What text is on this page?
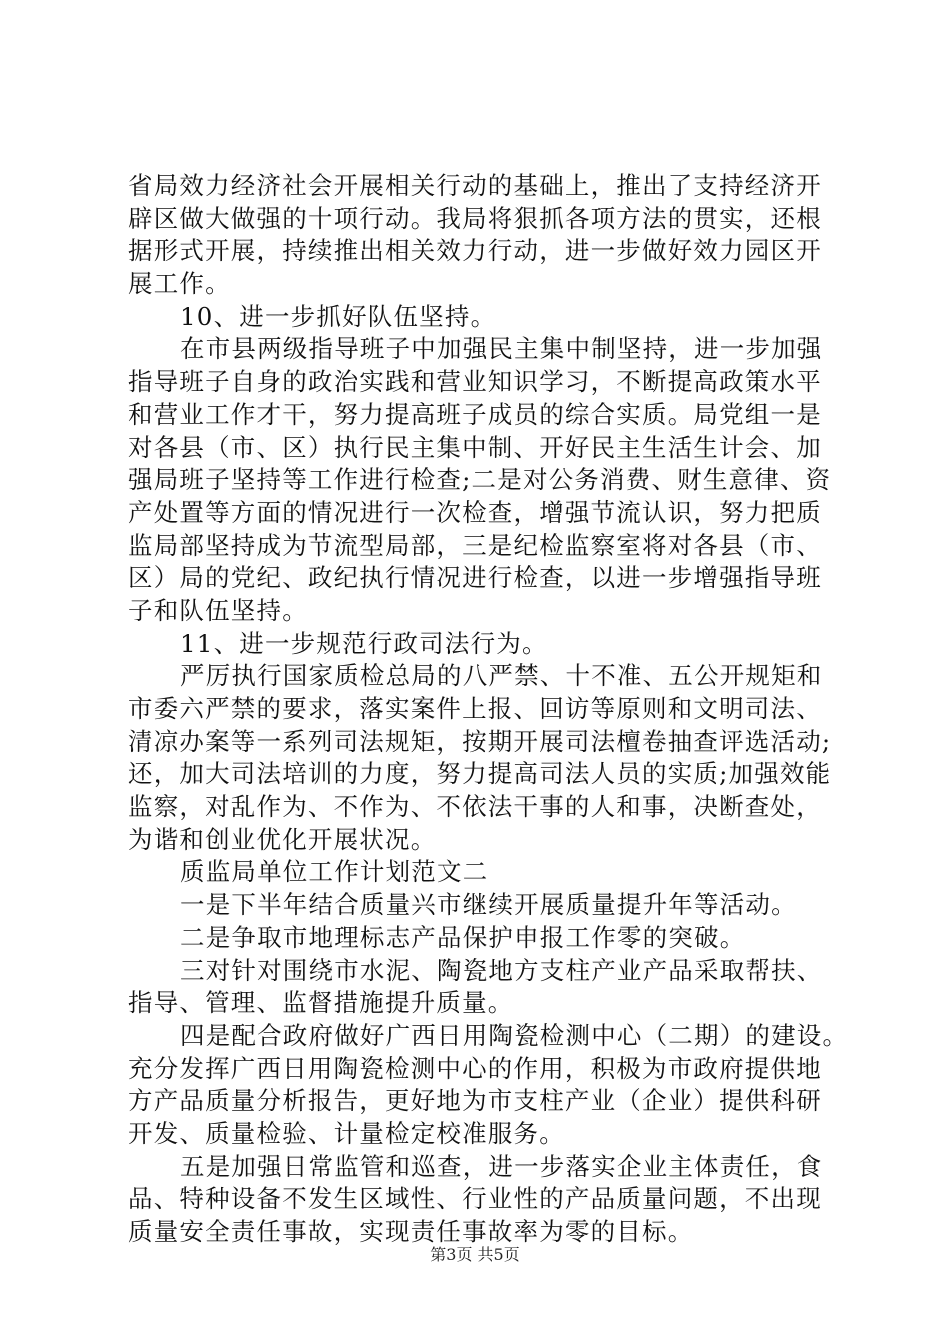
省局效力经济社会开展相关行动的基础上，推出了支持经济开
辟区做大做强的十项行动。我局将狠抓各项方法的贯实，还根
据形式开展，持续推出相关效力行动，进一步做好效力园区开
展工作。
10、进一步抓好队伍坚持。
在市县两级指导班子中加强民主集中制坚持，进一步加强
指导班子自身的政治实践和营业知识学习，不断提高政策水平
和营业工作才干，努力提高班子成员的综合实质。局党组一是
对各县（市、区）执行民主集中制、开好民主生活生计会、加
强局班子坚持等工作进行检查;二是对公务消费、财生意律、资
产处置等方面的情况进行一次检查，增强节流认识，努力把质
监局部坚持成为节流型局部，三是纪检监察室将对各县（市、
区）局的党纪、政纪执行情况进行检查，以进一步增强指导班
子和队伍坚持。
11、进一步规范行政司法行为。
严厉执行国家质检总局的八严禁、十不准、五公开规矩和
市委六严禁的要求，落实案件上报、回访等原则和文明司法、
清凉办案等一系列司法规矩，按期开展司法檀卷抽查评选活动;
还，加大司法培训的力度，努力提高司法人员的实质;加强效能
监察，对乱作为、不作为、不依法干事的人和事，决断查处，
为谐和创业优化开展状况。
质监局单位工作计划范文二
一是下半年结合质量兴市继续开展质量提升年等活动。
二是争取市地理标志产品保护申报工作零的突破。
三对针对围绕市水泥、陶瓷地方支柱产业产品采取帮扶、
指导、管理、监督措施提升质量。
四是配合政府做好广西日用陶瓷检测中心（二期）的建设。
充分发挥广西日用陶瓷检测中心的作用，积极为市政府提供地
方产品质量分析报告，更好地为市支柱产业（企业）提供科研
开发、质量检验、计量检定校准服务。
五是加强日常监管和巡查，进一步落实企业主体责任，食
品、特种设备不发生区域性、行业性的产品质量问题，不出现
质量安全责任事故，实现责任事故率为零的目标。
第3页 共5页
